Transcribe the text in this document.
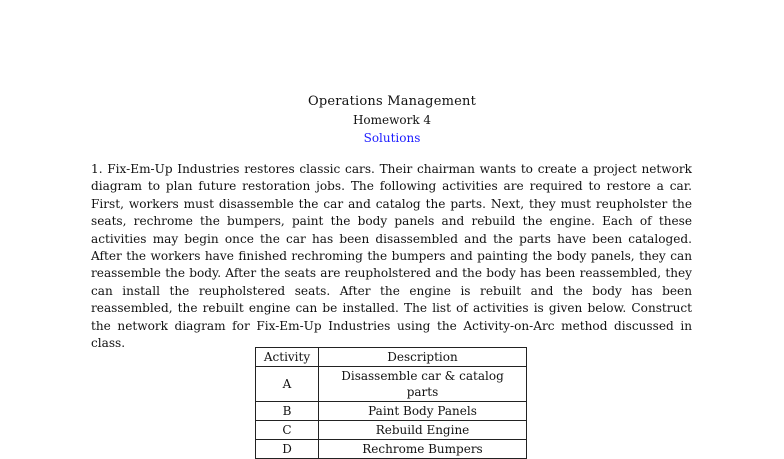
Operations Management
Homework 4
Solutions
1. Fix-Em-Up Industries restores classic cars. Their chairman wants to create a project network diagram to plan future restoration jobs. The following activities are required to restore a car. First, workers must disassemble the car and catalog the parts. Next, they must reupholster the seats, rechrome the bumpers, paint the body panels and rebuild the engine. Each of these activities may begin once the car has been disassembled and the parts have been cataloged. After the workers have finished rechroming the bumpers and painting the body panels, they can reassemble the body. After the seats are reupholstered and the body has been reassembled, they can install the reupholstered seats. After the engine is rebuilt and the body has been reassembled, the rebuilt engine can be installed. The list of activities is given below. Construct the network diagram for Fix-Em-Up Industries using the Activity-on-Arc method discussed in class.
Activity	Description
A	Disassemble car & catalog parts
B	Paint Body Panels
C	Rebuild Engine
D	Rechrome Bumpers
